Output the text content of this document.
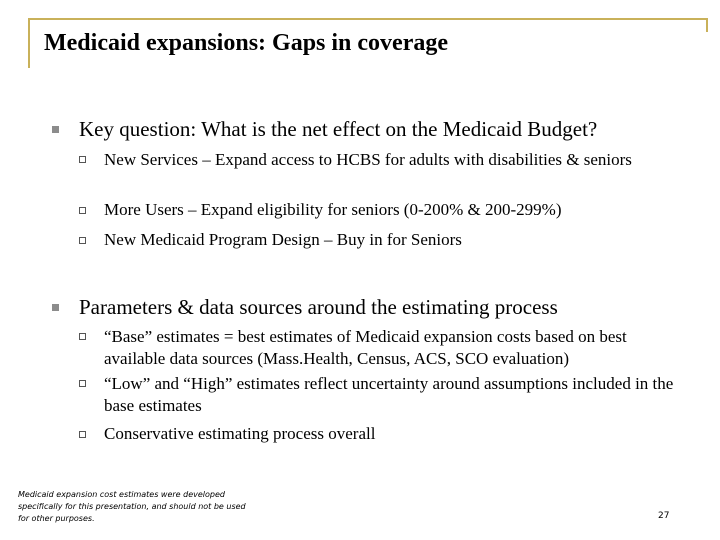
Medicaid expansions: Gaps in coverage
Key question: What is the net effect on the Medicaid Budget?
New Services – Expand access to HCBS for adults with disabilities & seniors
More Users – Expand eligibility for seniors (0-200% & 200-299%)
New Medicaid Program Design – Buy in for Seniors
Parameters & data sources around the estimating process
“Base” estimates = best estimates of Medicaid expansion costs based on best available data sources (Mass.Health, Census, ACS, SCO evaluation)
“Low” and “High” estimates reflect uncertainty around assumptions included in the base estimates
Conservative estimating process overall
Medicaid expansion cost estimates were developed specifically for this presentation, and should not be used for other purposes.	27
